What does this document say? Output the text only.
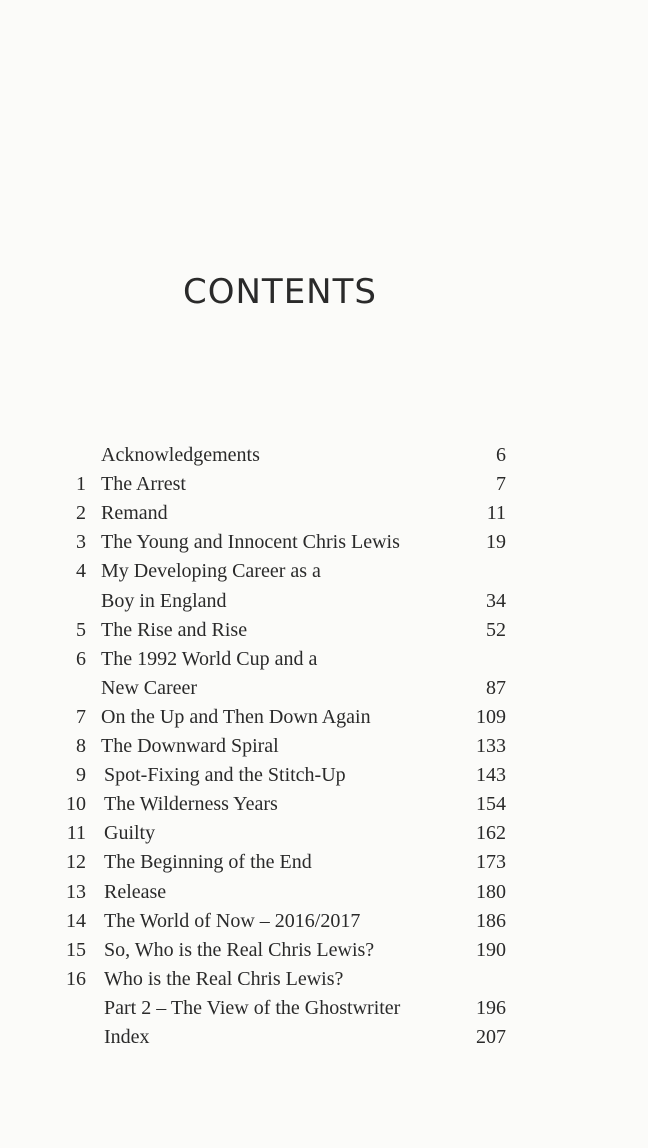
CONTENTS
Acknowledgements	6
1 The Arrest	7
2 Remand	11
3 The Young and Innocent Chris Lewis	19
4 My Developing Career as a
Boy in England	34
5 The Rise and Rise	52
6 The 1992 World Cup and a
New Career	87
7 On the Up and Then Down Again	109
8 The Downward Spiral	133
9 Spot-Fixing and the Stitch-Up	143
10 The Wilderness Years	154
11 Guilty	162
12 The Beginning of the End	173
13 Release	180
14 The World of Now – 2016/2017	186
15 So, Who is the Real Chris Lewis?	190
16 Who is the Real Chris Lewis?
Part 2 – The View of the Ghostwriter	196
Index	207
